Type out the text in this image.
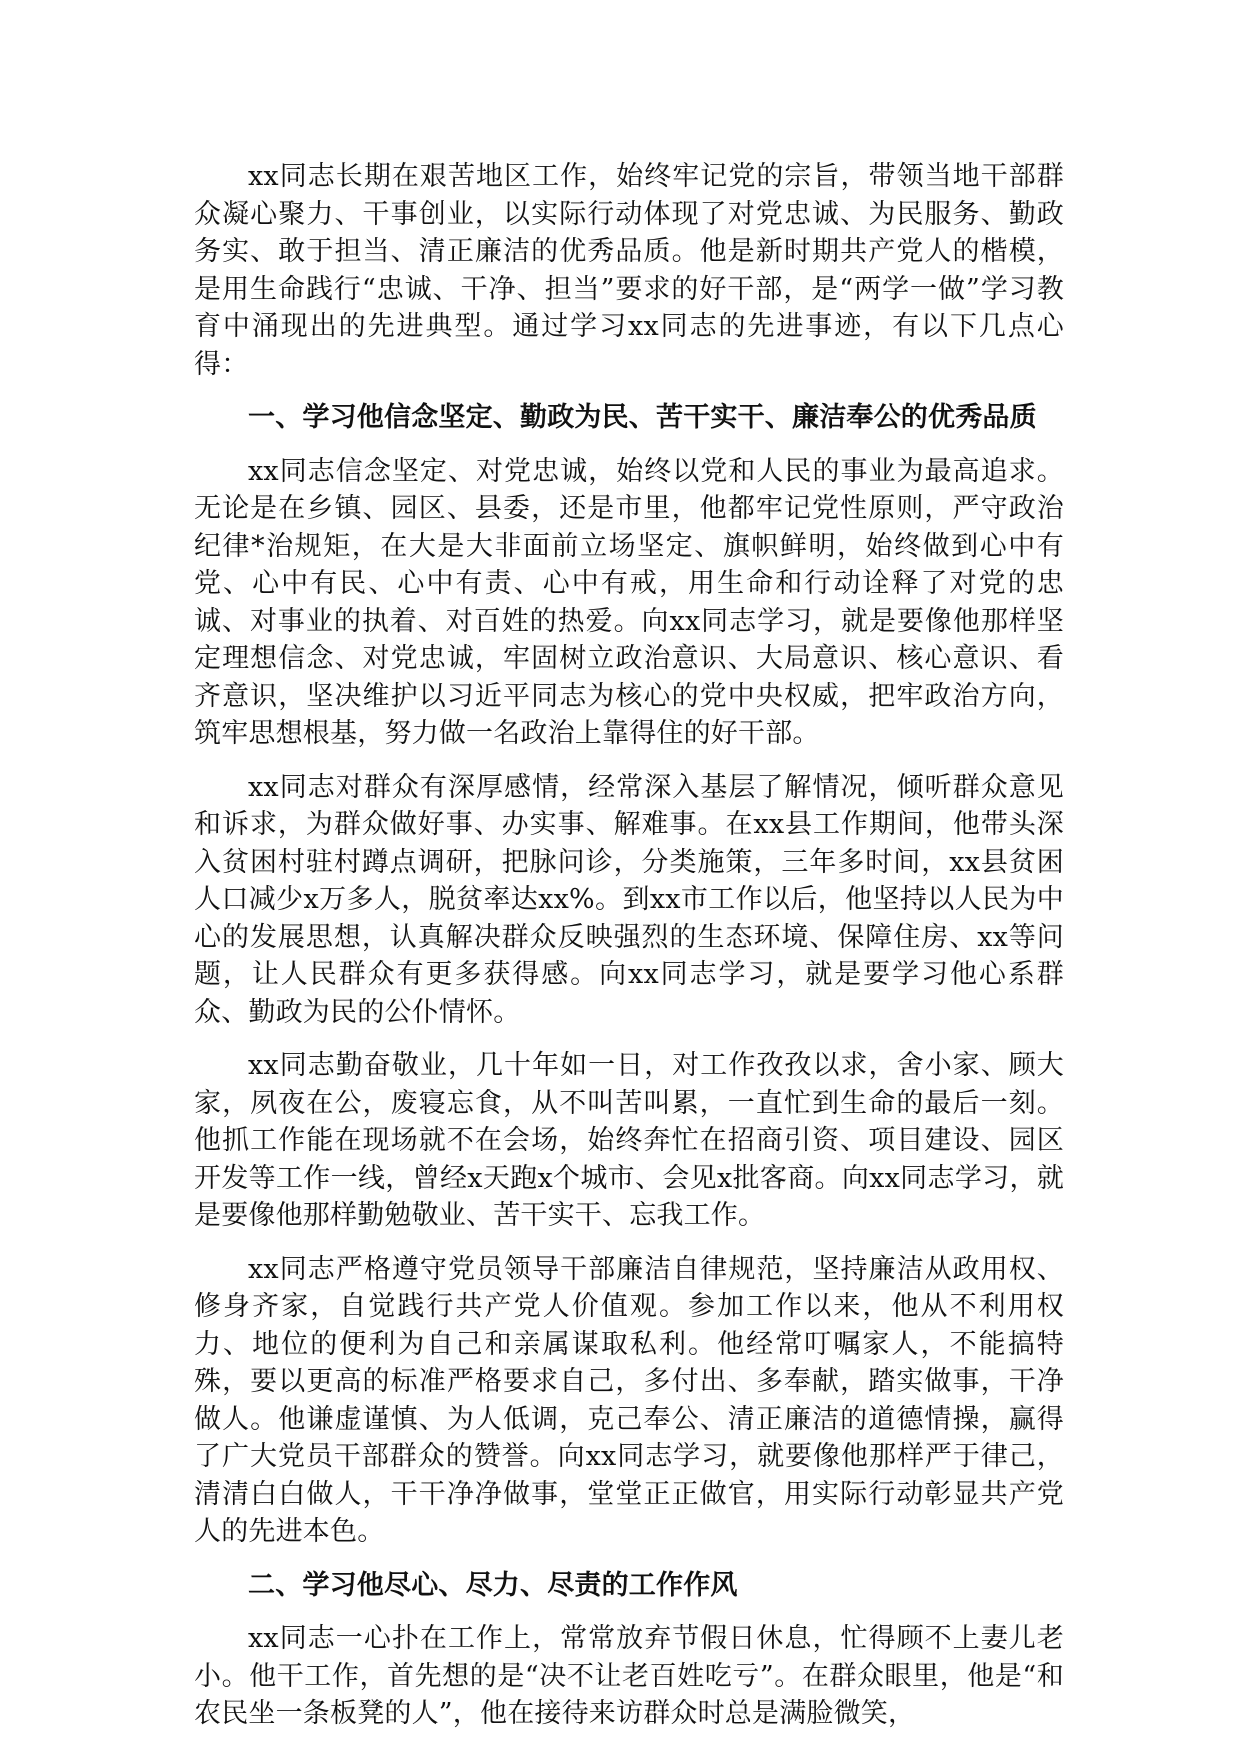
xx同志长期在艰苦地区工作，始终牢记党的宗旨，带领当地干部群众凝心聚力、干事创业，以实际行动体现了对党忠诚、为民服务、勤政务实、敢于担当、清正廉洁的优秀品质。他是新时期共产党人的楷模，是用生命践行“忠诚、干净、担当”要求的好干部，是“两学一做”学习教育中涌现出的先进典型。通过学习xx同志的先进事迹，有以下几点心得：

一、学习他信念坚定、勤政为民、苦干实干、廉洁奉公的优秀品质

xx同志信念坚定、对党忠诚，始终以党和人民的事业为最高追求。无论是在乡镇、园区、县委，还是市里，他都牢记党性原则，严守政治纪律*治规矩，在大是大非面前立场坚定、旗帜鲜明，始终做到心中有党、心中有民、心中有责、心中有戒，用生命和行动诠释了对党的忠诚、对事业的执着、对百姓的热爱。向xx同志学习，就是要像他那样坚定理想信念、对党忠诚，牢固树立政治意识、大局意识、核心意识、看齐意识，坚决维护以习近平同志为核心的党中央权威，把牢政治方向，筑牢思想根基，努力做一名政治上靠得住的好干部。

xx同志对群众有深厚感情，经常深入基层了解情况，倾听群众意见和诉求，为群众做好事、办实事、解难事。在xx县工作期间，他带头深入贫困村驻村蹲点调研，把脉问诊，分类施策，三年多时间，xx县贫困人口减少x万多人，脱贫率达xx%。到xx市工作以后，他坚持以人民为中心的发展思想，认真解决群众反映强烈的生态环境、保障住房、xx等问题，让人民群众有更多获得感。向xx同志学习，就是要学习他心系群众、勤政为民的公仆情怀。

xx同志勤奋敬业，几十年如一日，对工作孜孜以求，舍小家、顾大家，夙夜在公，废寝忘食，从不叫苦叫累，一直忙到生命的最后一刻。他抓工作能在现场就不在会场，始终奔忙在招商引资、项目建设、园区开发等工作一线，曾经x天跑x个城市、会见x批客商。向xx同志学习，就是要像他那样勤勉敬业、苦干实干、忘我工作。

xx同志严格遵守党员领导干部廉洁自律规范，坚持廉洁从政用权、修身齐家，自觉践行共产党人价值观。参加工作以来，他从不利用权力、地位的便利为自己和亲属谋取私利。他经常叮嘱家人，不能搞特殊，要以更高的标准严格要求自己，多付出、多奉献，踏实做事，干净做人。他谦虚谨慎、为人低调，克己奉公、清正廉洁的道德情操，赢得了广大党员干部群众的赞誉。向xx同志学习，就要像他那样严于律己，清清白白做人，干干净净做事，堂堂正正做官，用实际行动彰显共产党人的先进本色。

二、学习他尽心、尽力、尽责的工作作风

xx同志一心扑在工作上，常常放弃节假日休息，忙得顾不上妻儿老小。他干工作，首先想的是“决不让老百姓吃亏”。在群众眼里，他是“和农民坐一条板凳的人”，他在接待来访群众时总是满脸微笑，
